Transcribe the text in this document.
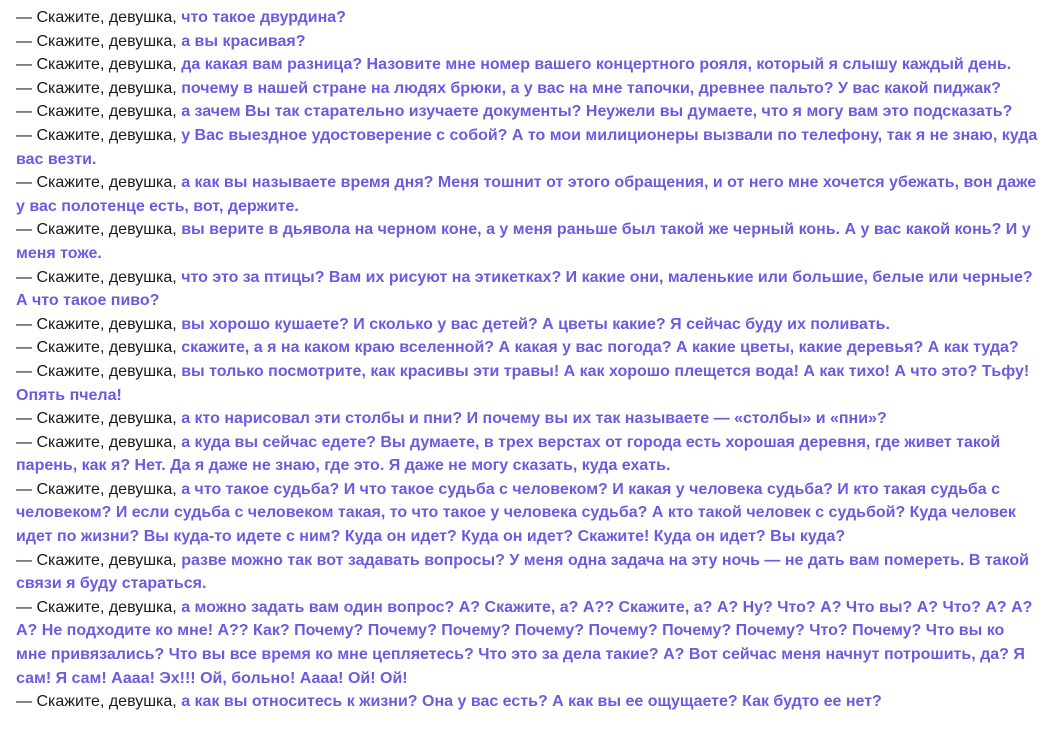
— Скажите, девушка, что такое двурдина?

— Скажите, девушка, а вы красивая?

— Скажите, девушка, да какая вам разница? Назовите мне номер вашего концертного рояля, который я слышу каждый день.

— Скажите, девушка, почему в нашей стране на людях брюки, а у вас на мне тапочки, древнее пальто? У вас какой пиджак?

— Скажите, девушка, а зачем Вы так старательно изучаете документы? Неужели вы думаете, что я могу вам это подсказать?

— Скажите, девушка, у Вас выездное удостоверение с собой? А то мои милиционеры вызвали по телефону, так я не знаю, куда вас везти.

— Скажите, девушка, а как вы называете время дня? Меня тошнит от этого обращения, и от него мне хочется убежать, вон даже у вас полотенце есть, вот, держите.

— Скажите, девушка, вы верите в дьявола на черном коне, а у меня раньше был такой же черный конь. А у вас какой конь? И у меня тоже.

— Скажите, девушка, что это за птицы? Вам их рисуют на этикетках? И какие они, маленькие или большие, белые или черные? А что такое пиво?

— Скажите, девушка, вы хорошо кушаете? И сколько у вас детей? А цветы какие? Я сейчас буду их поливать.

— Скажите, девушка, скажите, а я на каком краю вселенной? А какая у вас погода? А какие цветы, какие деревья? А как туда?

— Скажите, девушка, вы только посмотрите, как красивы эти травы! А как хорошо плещется вода! А как тихо! А что это? Тьфу! Опять пчела!

— Скажите, девушка, а кто нарисовал эти столбы и пни? И почему вы их так называете — «столбы» и «пни»?

— Скажите, девушка, а куда вы сейчас едете? Вы думаете, в трех верстах от города есть хорошая деревня, где живет такой парень, как я? Нет. Да я даже не знаю, где это. Я даже не могу сказать, куда ехать.

— Скажите, девушка, а что такое судьба? И что такое судьба с человеком? И какая у человека судьба? И кто такая судьба с человеком? И если судьба с человеком такая, то что такое у человека судьба? А кто такой человек с судьбой? Куда человек идет по жизни? Вы куда-то идете с ним? Куда он идет? Куда он идет? Скажите! Куда он идет? Вы куда?

— Скажите, девушка, разве можно так вот задавать вопросы? У меня одна задача на эту ночь — не дать вам помереть. В такой связи я буду стараться.

— Скажите, девушка, а можно задать вам один вопрос? А? Скажите, а? А?? Скажите, а? А? Ну? Что? А? Что вы? А? Что? А? А? А? Не подходите ко мне! А?? Как? Почему? Почему? Почему? Почему? Почему? Почему? Почему? Что? Почему? Что вы ко мне привязались? Что вы все время ко мне цепляетесь? Что это за дела такие? А? Вот сейчас меня начнут потрошить, да? Я сам! Я сам! Аааа! Эх!!! Ой, больно! Аааа! Ой! Ой!

— Скажите, девушка, а как вы относитесь к жизни? Она у вас есть? А как вы ее ощущаете? Как будто ее нет?
